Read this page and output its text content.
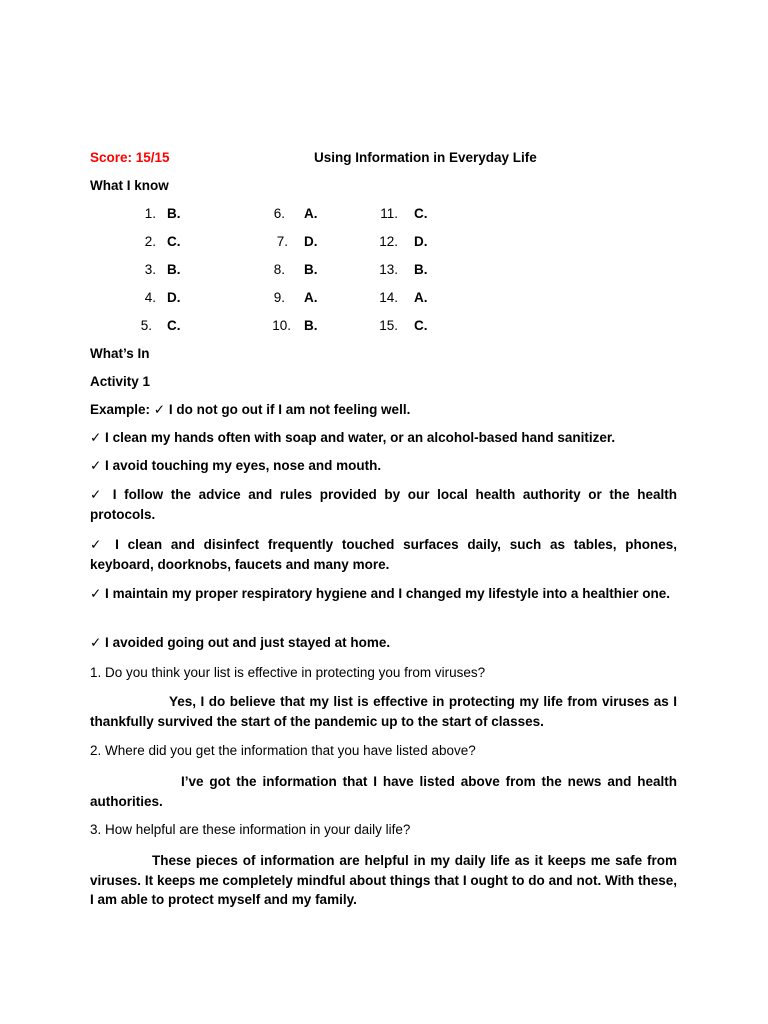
Score: 15/15	Using Information in Everyday Life
What I know
1. B.
2. C.
3. B.
4. D.
5. C.
6. A.
7. D.
8. B.
9. A.
10. B.
11. C.
12. D.
13. B.
14. A.
15. C.
What’s In
Activity 1
Example: ✓ I do not go out if I am not feeling well.
✓ I clean my hands often with soap and water, or an alcohol-based hand sanitizer.
✓ I avoid touching my eyes, nose and mouth.
✓ I follow the advice and rules provided by our local health authority or the health protocols.
✓ I clean and disinfect frequently touched surfaces daily, such as tables, phones, keyboard, doorknobs, faucets and many more.
✓ I maintain my proper respiratory hygiene and I changed my lifestyle into a healthier one.
✓ I avoided going out and just stayed at home.
1. Do you think your list is effective in protecting you from viruses?
Yes, I do believe that my list is effective in protecting my life from viruses as I thankfully survived the start of the pandemic up to the start of classes.
2. Where did you get the information that you have listed above?
I’ve got the information that I have listed above from the news and health authorities.
3. How helpful are these information in your daily life?
These pieces of information are helpful in my daily life as it keeps me safe from viruses. It keeps me completely mindful about things that I ought to do and not. With these, I am able to protect myself and my family.
